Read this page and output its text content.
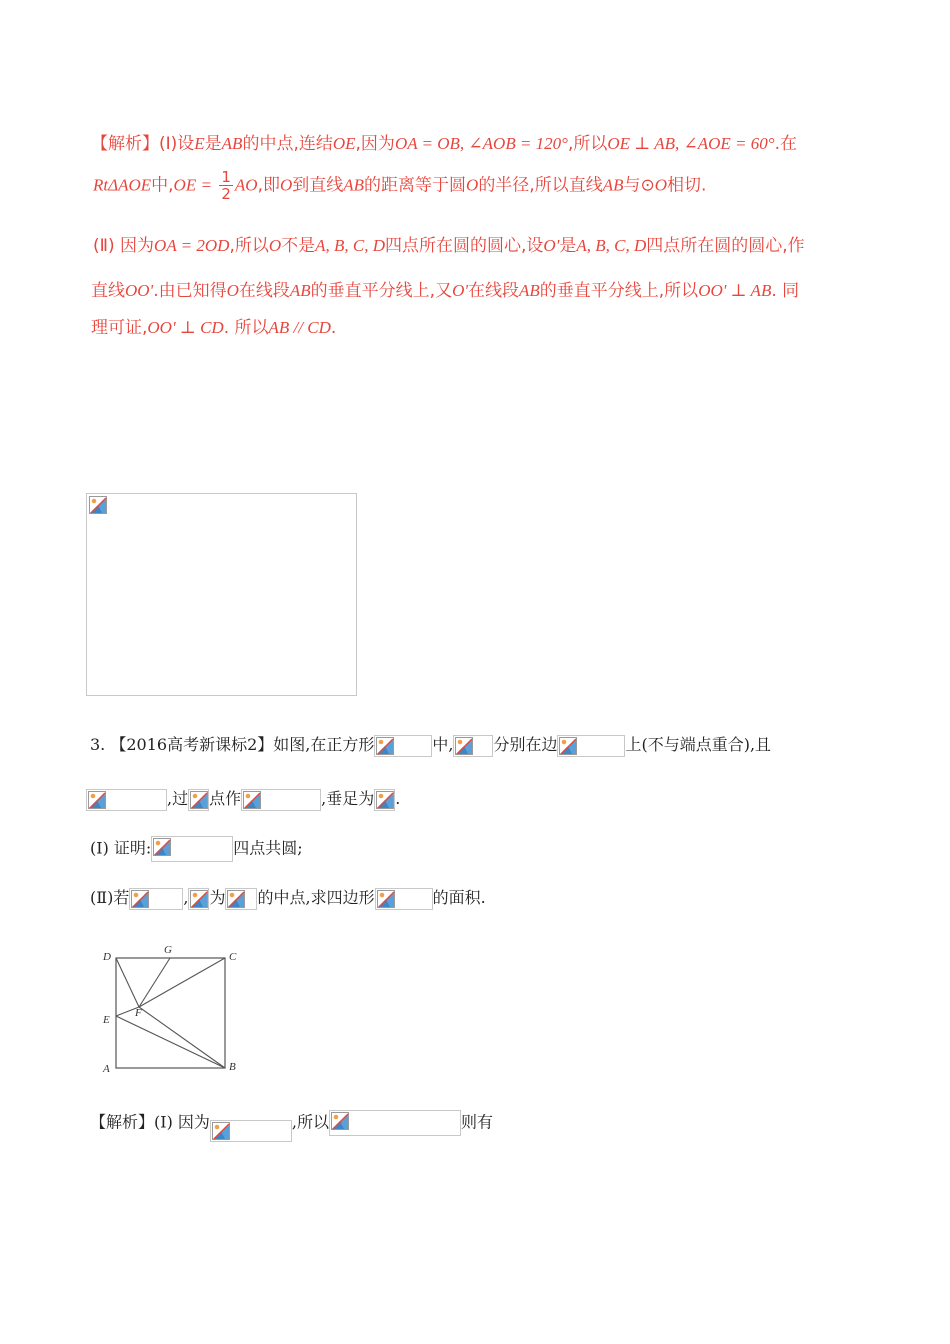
【解析】(Ⅰ)设E是AB的中点,连结OE,因为OA = OB, ∠AOB = 120°,所以OE ⊥ AB, ∠AOE = 60°.在
RtΔAOE中$,OE = \frac{1}{2}$ AO,即O到直线AB的距离等于圆O的半径,所以直线AB与⊙O相切.
(Ⅱ) 因为OA = 2OD,所以O不是A, B, C, D四点所在圆的圆心,设O'是A, B, C, D四点所在圆的圆心,作
直线OO'.由已知得O在线段AB的垂直平分线上,又O'在线段AB的垂直平分线上,所以OO' ⊥ AB. 同
理可证,OO' ⊥ CD. 所以AB // CD.
3. 【2016高考新课标2】如图,在正方形	中,	分别在边	上(不与端点重合),且
,过 点作	,垂足为 .
(Ⅰ) 证明:	四点共圆;
(Ⅱ)若	, 为 的中点,求四边形	的面积.
D
G
C
E
F
A	B
【解析】(I) 因为	,所以	则有
